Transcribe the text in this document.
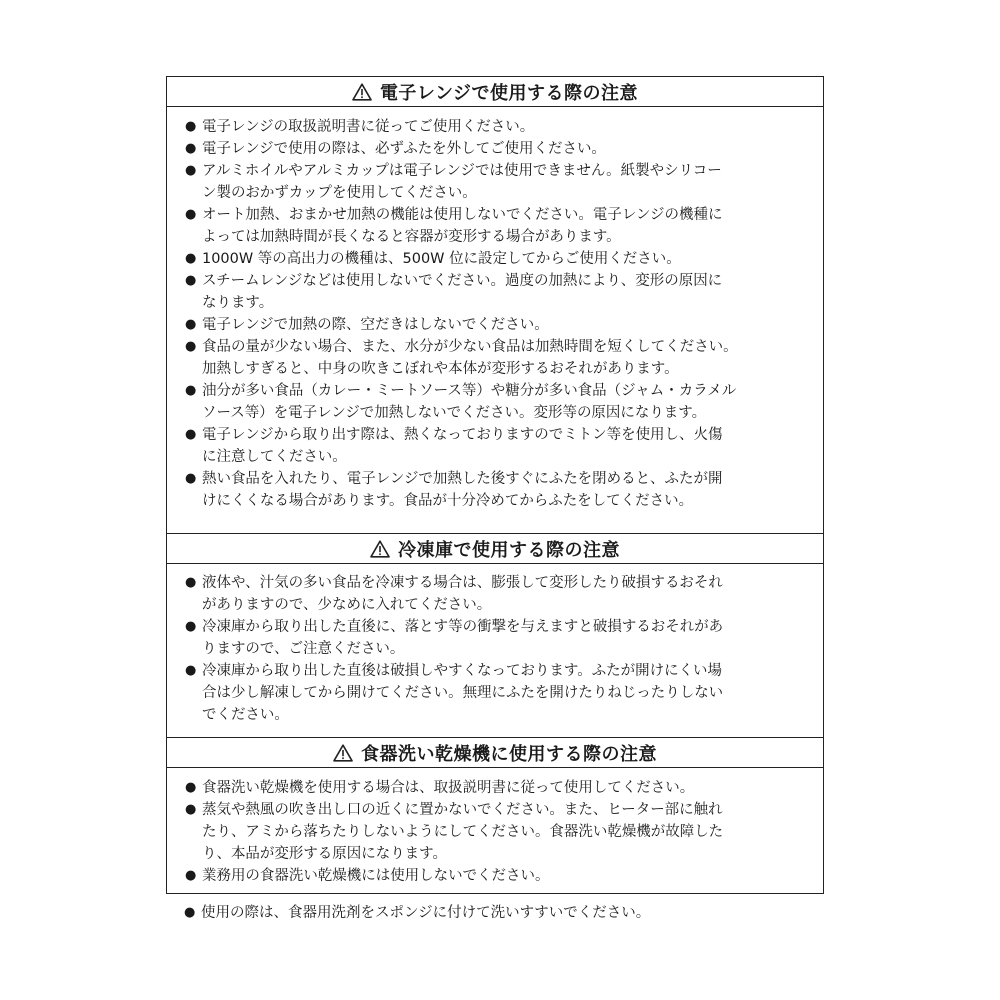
電子レンジで使用する際の注意
● 電子レンジの取扱説明書に従ってご使用ください。
● 電子レンジで使用の際は、必ずふたを外してご使用ください。
● アルミホイルやアルミカップは電子レンジでは使用できません。紙製やシリコー
ン製のおかずカップを使用してください。
● オート加熱、おまかせ加熱の機能は使用しないでください。電子レンジの機種に
よっては加熱時間が長くなると容器が変形する場合があります。
● 1000W 等の高出力の機種は、500W 位に設定してからご使用ください。
● スチームレンジなどは使用しないでください。過度の加熱により、変形の原因に
なります。
● 電子レンジで加熱の際、空だきはしないでください。
● 食品の量が少ない場合、また、水分が少ない食品は加熱時間を短くしてください。
加熱しすぎると、中身の吹きこぼれや本体が変形するおそれがあります。
● 油分が多い食品（カレー・ミートソース等）や糖分が多い食品（ジャム・カラメル
ソース等）を電子レンジで加熱しないでください。変形等の原因になります。
● 電子レンジから取り出す際は、熱くなっておりますのでミトン等を使用し、火傷
に注意してください。
● 熱い食品を入れたり、電子レンジで加熱した後すぐにふたを閉めると、ふたが開
けにくくなる場合があります。食品が十分冷めてからふたをしてください。
冷凍庫で使用する際の注意
● 液体や、汁気の多い食品を冷凍する場合は、膨張して変形したり破損するおそれ
がありますので、少なめに入れてください。
● 冷凍庫から取り出した直後に、落とす等の衝撃を与えますと破損するおそれがあ
りますので、ご注意ください。
● 冷凍庫から取り出した直後は破損しやすくなっております。ふたが開けにくい場
合は少し解凍してから開けてください。無理にふたを開けたりねじったりしない
でください。
食器洗い乾燥機に使用する際の注意
● 食器洗い乾燥機を使用する場合は、取扱説明書に従って使用してください。
● 蒸気や熱風の吹き出し口の近くに置かないでください。また、ヒーター部に触れ
たり、アミから落ちたりしないようにしてください。食器洗い乾燥機が故障した
り、本品が変形する原因になります。
● 業務用の食器洗い乾燥機には使用しないでください。
● 使用の際は、食器用洗剤をスポンジに付けて洗いすすいでください。
